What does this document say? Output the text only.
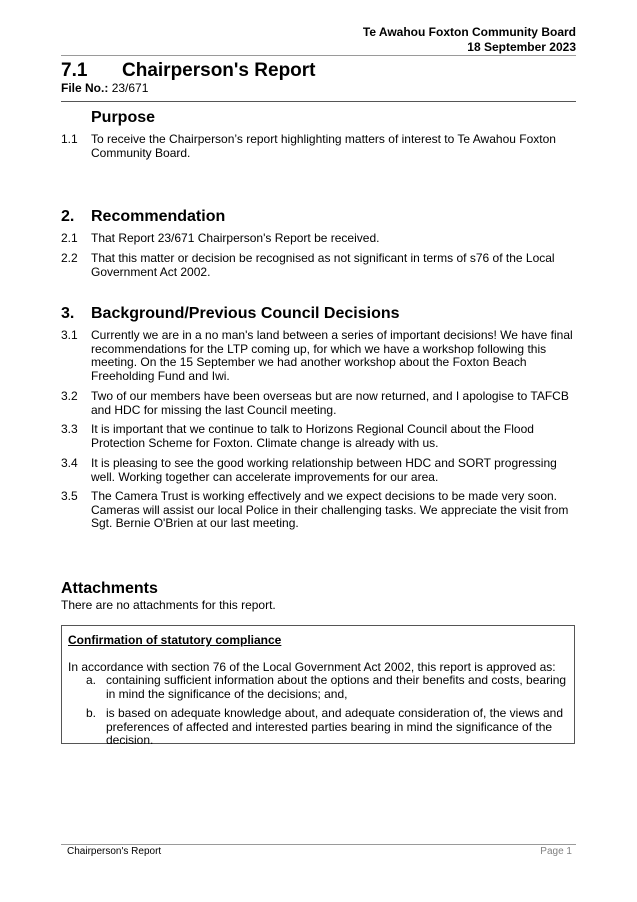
Te Awahou Foxton Community Board
18 September 2023
7.1 Chairperson's Report
File No.: 23/671
Purpose
1.1 To receive the Chairperson’s report highlighting matters of interest to Te Awahou Foxton Community Board.
2. Recommendation
2.1 That Report 23/671 Chairperson's Report be received.
2.2 That this matter or decision be recognised as not significant in terms of s76 of the Local Government Act 2002.
3. Background/Previous Council Decisions
3.1 Currently we are in a no man's land between a series of important decisions! We have final recommendations for the LTP coming up, for which we have a workshop following this meeting. On the 15 September we had another workshop about the Foxton Beach Freeholding Fund and Iwi.
3.2 Two of our members have been overseas but are now returned, and I apologise to TAFCB and HDC for missing the last Council meeting.
3.3 It is important that we continue to talk to Horizons Regional Council about the Flood Protection Scheme for Foxton. Climate change is already with us.
3.4 It is pleasing to see the good working relationship between HDC and SORT progressing well. Working together can accelerate improvements for our area.
3.5 The Camera Trust is working effectively and we expect decisions to be made very soon. Cameras will assist our local Police in their challenging tasks. We appreciate the visit from Sgt. Bernie O'Brien at our last meeting.
Attachments
There are no attachments for this report.
Confirmation of statutory compliance
In accordance with section 76 of the Local Government Act 2002, this report is approved as:
a. containing sufficient information about the options and their benefits and costs, bearing in mind the significance of the decisions; and,
b. is based on adequate knowledge about, and adequate consideration of, the views and preferences of affected and interested parties bearing in mind the significance of the decision.
Chairperson's Report	Page 1
